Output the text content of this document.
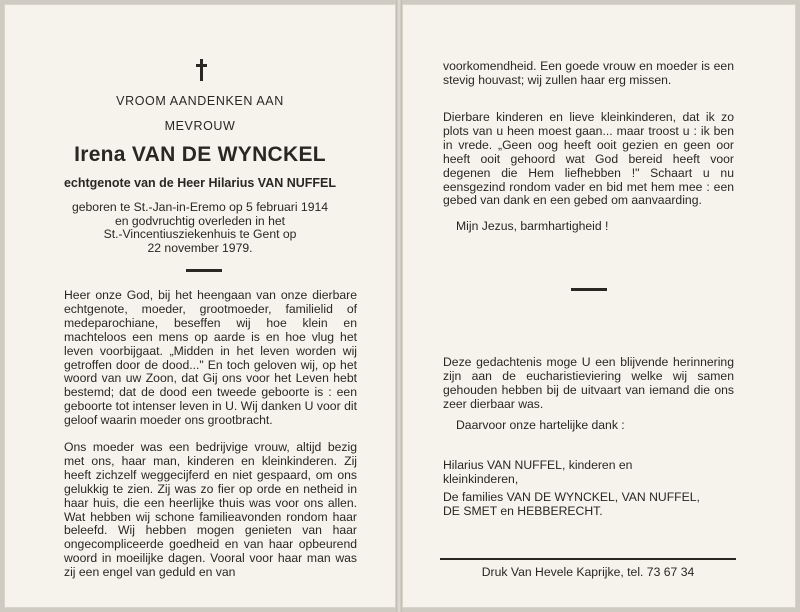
VROOM AANDENKEN AAN
MEVROUW
Irena VAN DE WYNCKEL
echtgenote van de Heer Hilarius VAN NUFFEL
geboren te St.-Jan-in-Eremo op 5 februari 1914
en godvruchtig overleden in het
St.-Vincentiusziekenhuis te Gent op
22 november 1979.

Heer onze God, bij het heengaan van onze dierbare echtgenote, moeder, grootmoeder, familielid of medeparochiane, beseffen wij hoe klein en machteloos een mens op aarde is en hoe vlug het leven voorbijgaat. „Midden in het leven worden wij getroffen door de dood..." En toch geloven wij, op het woord van uw Zoon, dat Gij ons voor het Leven hebt bestemd; dat de dood een tweede geboorte is : een geboorte tot intenser leven in U. Wij danken U voor dit geloof waarin moeder ons grootbracht.

Ons moeder was een bedrijvige vrouw, altijd bezig met ons, haar man, kinderen en kleinkinderen. Zij heeft zichzelf weggecijferd en niet gespaard, om ons gelukkig te zien. Zij was zo fier op orde en netheid in haar huis, die een heerlijke thuis was voor ons allen. Wat hebben wij schone familieavonden rondom haar beleefd. Wij hebben mogen genieten van haar ongecompliceerde goedheid en van haar opbeurend woord in moeilijke dagen. Vooral voor haar man was zij een engel van geduld en van

voorkomendheid. Een goede vrouw en moeder is een stevig houvast; wij zullen haar erg missen.

Dierbare kinderen en lieve kleinkinderen, dat ik zo plots van u heen moest gaan... maar troost u : ik ben in vrede. „Geen oog heeft ooit gezien en geen oor heeft ooit gehoord wat God bereid heeft voor degenen die Hem liefhebben !" Schaart u nu eensgezind rondom vader en bid met hem mee : een gebed van dank en een gebed om aanvaarding.

Mijn Jezus, barmhartigheid !

Deze gedachtenis moge U een blijvende herinnering zijn aan de eucharistieviering welke wij samen gehouden hebben bij de uitvaart van iemand die ons zeer dierbaar was.

Daarvoor onze hartelijke dank :

Hilarius VAN NUFFEL, kinderen en
kleinkinderen,
De families VAN DE WYNCKEL, VAN NUFFEL,
DE SMET en HEBBERECHT.
Druk Van Hevele Kaprijke, tel. 73 67 34
